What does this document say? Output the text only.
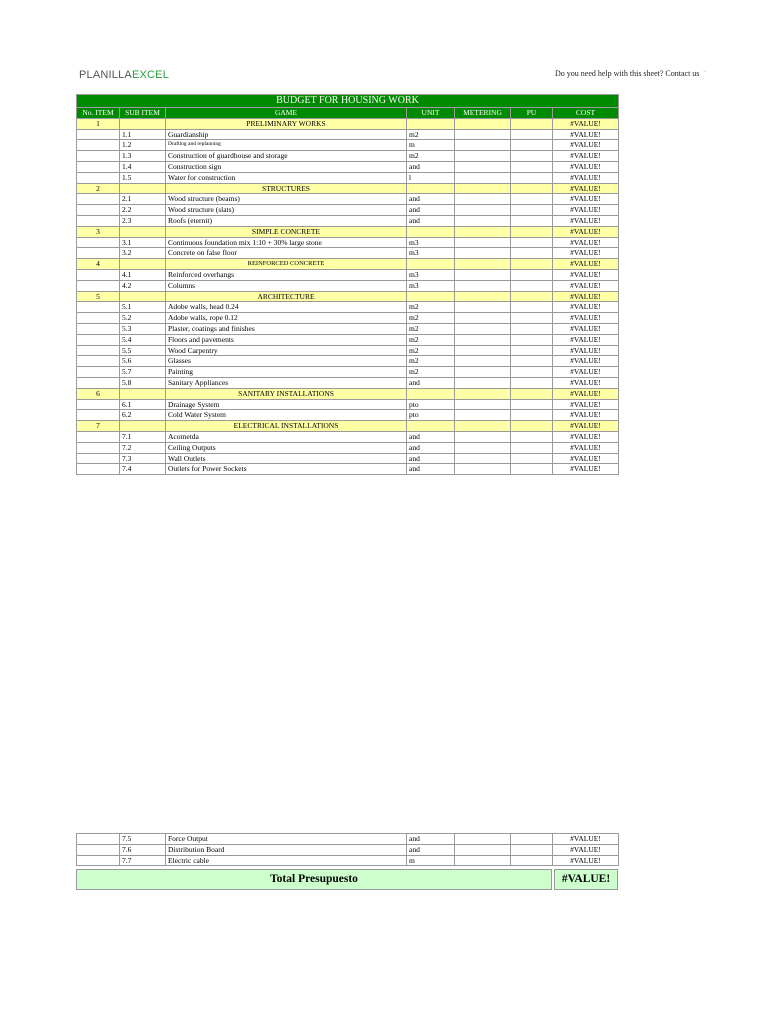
PLANILLAEXCEL	Do you need help with this sheet? Contact us ¨
BUDGET FOR HOUSING WORK						
No. ITEM	SUB ITEM	GAME	UNIT	METERING	PU	COST
1		PRELIMINARY WORKS				#VALUE!
	1.1	Guardianship	m2			#VALUE!
	1.2	Drafting and replanning	m			#VALUE!
	1.3	Construction of guardhouse and storage	m2			#VALUE!
	1.4	Construction sign	and			#VALUE!
	1.5	Water for construction	l			#VALUE!
2		STRUCTURES				#VALUE!
	2.1	Wood structure (beams)	and			#VALUE!
	2.2	Wood structure (slats)	and			#VALUE!
	2.3	Roofs (eternit)	and			#VALUE!
3		SIMPLE CONCRETE				#VALUE!
	3.1	Continuous foundation mix 1:10 + 30% large stone	m3			#VALUE!
	3.2	Concrete on false floor	m3			#VALUE!
4		REINFORCED CONCRETE				#VALUE!
	4.1	Reinforced overhangs	m3			#VALUE!
	4.2	Columns	m3			#VALUE!
5		ARCHITECTURE				#VALUE!
	5.1	Adobe walls, head 0.24	m2			#VALUE!
	5.2	Adobe walls, rope 0.12	m2			#VALUE!
	5.3	Plaster, coatings and finishes	m2			#VALUE!
	5.4	Floors and pavements	m2			#VALUE!
	5.5	Wood Carpentry	m2			#VALUE!
	5.6	Glasses	m2			#VALUE!
	5.7	Painting	m2			#VALUE!
	5.8	Sanitary Appliances	and			#VALUE!
6		SANITARY INSTALLATIONS				#VALUE!
	6.1	Drainage System	pto			#VALUE!
	6.2	Cold Water System	pto			#VALUE!
7		ELECTRICAL INSTALLATIONS				#VALUE!
	7.1	Acometda	and			#VALUE!
	7.2	Ceiling Outputs	and			#VALUE!
	7.3	Wall Outlets	and			#VALUE!
	7.4	Outlets for Power Sockets	and			#VALUE!
	7.5	Force Output	and			#VALUE!
	7.6	Distribution Board	and			#VALUE!
	7.7	Electric cable	m			#VALUE!
Total Presupuesto		#VALUE!
